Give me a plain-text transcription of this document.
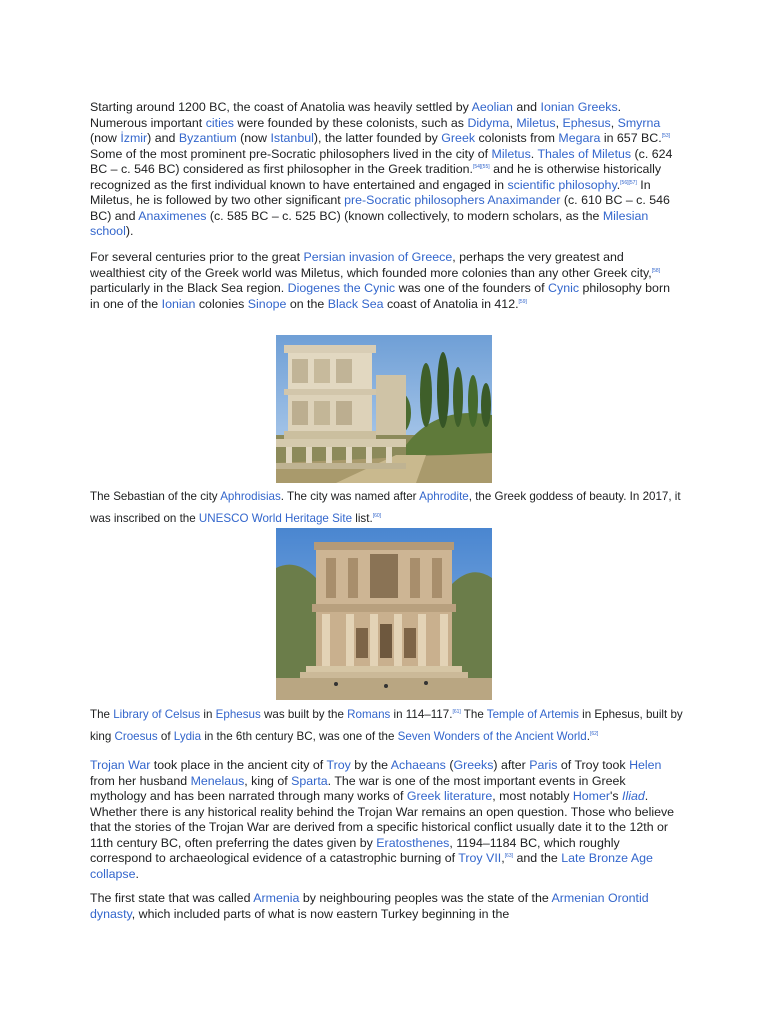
Starting around 1200 BC, the coast of Anatolia was heavily settled by Aeolian and Ionian Greeks. Numerous important cities were founded by these colonists, such as Didyma, Miletus, Ephesus, Smyrna (now İzmir) and Byzantium (now Istanbul), the latter founded by Greek colonists from Megara in 657 BC.[53] Some of the most prominent pre-Socratic philosophers lived in the city of Miletus. Thales of Miletus (c. 624 BC – c. 546 BC) considered as first philosopher in the Greek tradition.[54][55] and he is otherwise historically recognized as the first individual known to have entertained and engaged in scientific philosophy.[56][57] In Miletus, he is followed by two other significant pre-Socratic philosophers Anaximander (c. 610 BC – c. 546 BC) and Anaximenes (c. 585 BC – c. 525 BC) (known collectively, to modern scholars, as the Milesian school).

For several centuries prior to the great Persian invasion of Greece, perhaps the very greatest and wealthiest city of the Greek world was Miletus, which founded more colonies than any other Greek city,[58] particularly in the Black Sea region. Diogenes the Cynic was one of the founders of Cynic philosophy born in one of the Ionian colonies Sinope on the Black Sea coast of Anatolia in 412.[59]

The Sebastian of the city Aphrodisias. The city was named after Aphrodite, the Greek goddess of beauty. In 2017, it was inscribed on the UNESCO World Heritage Site list.[60]

The Library of Celsus in Ephesus was built by the Romans in 114–117.[61] The Temple of Artemis in Ephesus, built by king Croesus of Lydia in the 6th century BC, was one of the Seven Wonders of the Ancient World.[62]

Trojan War took place in the ancient city of Troy by the Achaeans (Greeks) after Paris of Troy took Helen from her husband Menelaus, king of Sparta. The war is one of the most important events in Greek mythology and has been narrated through many works of Greek literature, most notably Homer's Iliad. Whether there is any historical reality behind the Trojan War remains an open question. Those who believe that the stories of the Trojan War are derived from a specific historical conflict usually date it to the 12th or 11th century BC, often preferring the dates given by Eratosthenes, 1194–1184 BC, which roughly correspond to archaeological evidence of a catastrophic burning of Troy VII,[63] and the Late Bronze Age collapse.

The first state that was called Armenia by neighbouring peoples was the state of the Armenian Orontid dynasty, which included parts of what is now eastern Turkey beginning in the
